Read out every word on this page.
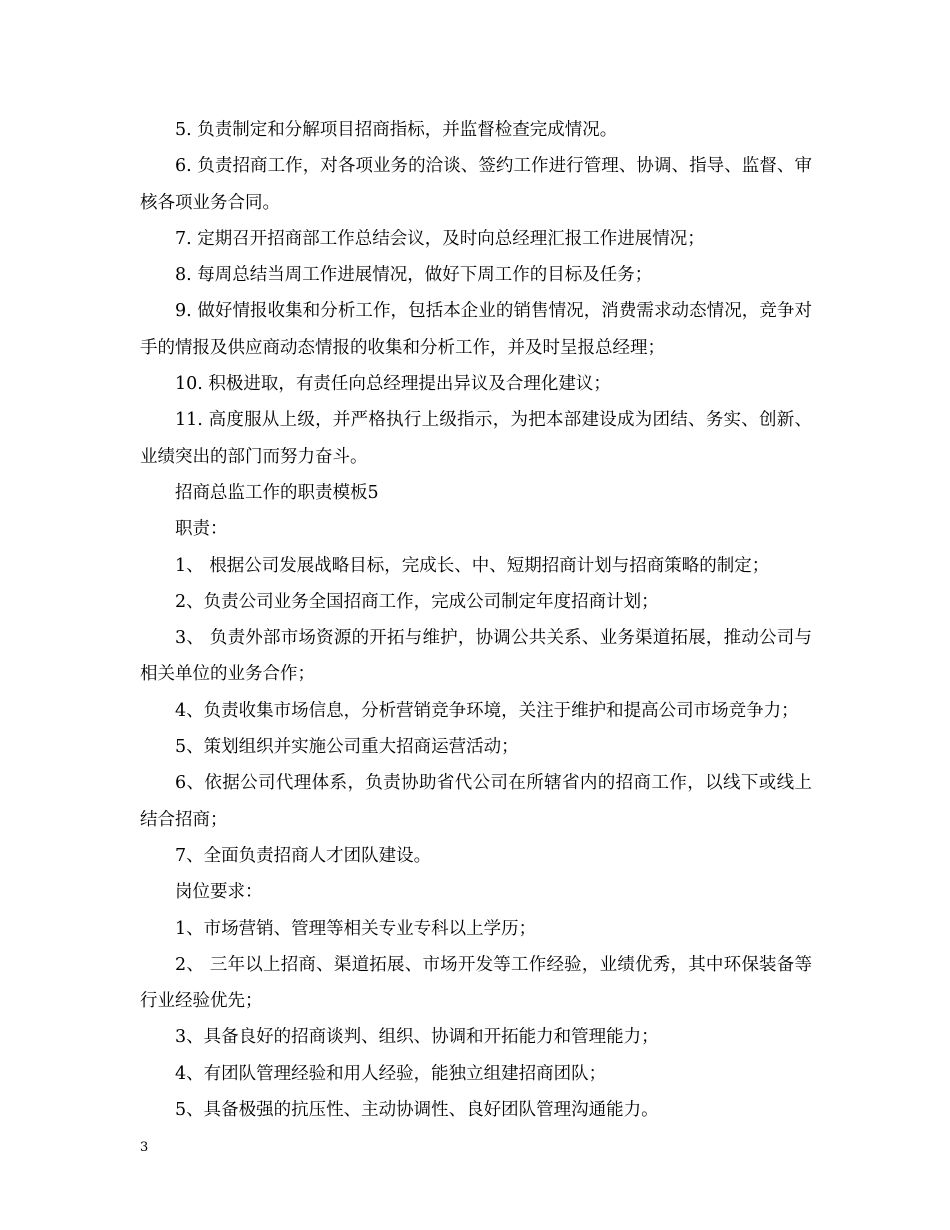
5. 负责制定和分解项目招商指标，并监督检查完成情况。

6. 负责招商工作，对各项业务的洽谈、签约工作进行管理、协调、指导、监督、审核各项业务合同。

7. 定期召开招商部工作总结会议，及时向总经理汇报工作进展情况；

8. 每周总结当周工作进展情况，做好下周工作的目标及任务；

9. 做好情报收集和分析工作，包括本企业的销售情况，消费需求动态情况，竞争对手的情报及供应商动态情报的收集和分析工作，并及时呈报总经理；

10. 积极进取，有责任向总经理提出异议及合理化建议；

11. 高度服从上级，并严格执行上级指示，为把本部建设成为团结、务实、创新、业绩突出的部门而努力奋斗。

招商总监工作的职责模板5

职责：

1、 根据公司发展战略目标，完成长、中、短期招商计划与招商策略的制定；

2、负责公司业务全国招商工作，完成公司制定年度招商计划；

3、 负责外部市场资源的开拓与维护，协调公共关系、业务渠道拓展，推动公司与相关单位的业务合作；

4、负责收集市场信息，分析营销竞争环境，关注于维护和提高公司市场竞争力；

5、策划组织并实施公司重大招商运营活动；

6、依据公司代理体系，负责协助省代公司在所辖省内的招商工作，以线下或线上结合招商；

7、全面负责招商人才团队建设。

岗位要求：

1、市场营销、管理等相关专业专科以上学历；

2、 三年以上招商、渠道拓展、市场开发等工作经验，业绩优秀，其中环保装备等行业经验优先；

3、具备良好的招商谈判、组织、协调和开拓能力和管理能力；

4、有团队管理经验和用人经验，能独立组建招商团队；

5、具备极强的抗压性、主动协调性、良好团队管理沟通能力。

3
